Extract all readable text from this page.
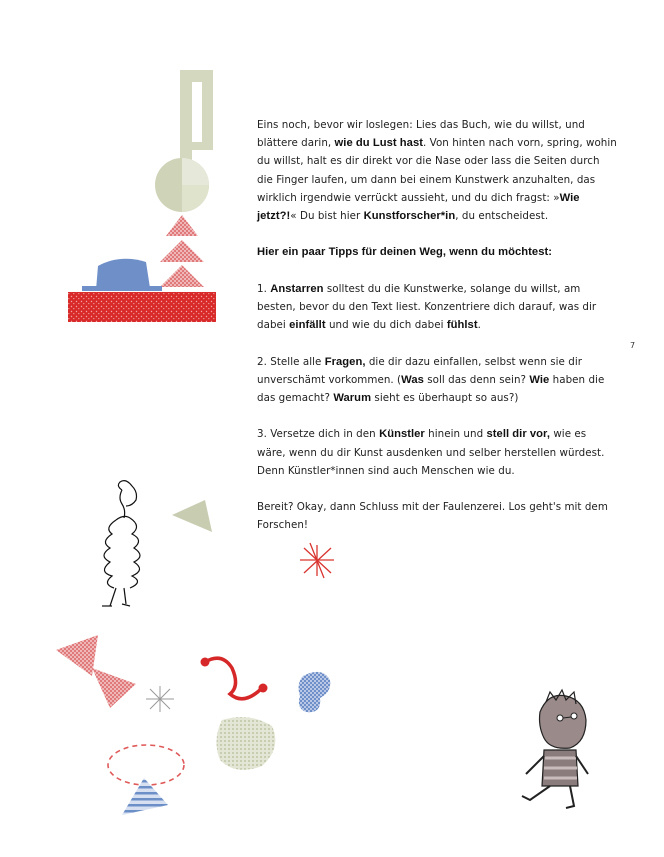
Eins noch, bevor wir loslegen: Lies das Buch, wie du willst, und blättere darin, wie du Lust hast. Von hinten nach vorn, spring, wohin du willst, halt es dir direkt vor die Nase oder lass die Seiten durch die Finger laufen, um dann bei einem Kunstwerk anzuhalten, das wirklich irgendwie verrückt aussieht, und du dich fragst: »Wie jetzt?!« Du bist hier Kunstforscher*in, du entscheidest.

Hier ein paar Tipps für deinen Weg, wenn du möchtest:

1. Anstarren solltest du die Kunstwerke, solange du willst, am besten, bevor du den Text liest. Konzentriere dich darauf, was dir dabei einfällt und wie du dich dabei fühlst.

2. Stelle alle Fragen, die dir dazu einfallen, selbst wenn sie dir unverschämt vorkommen. (Was soll das denn sein? Wie haben die das gemacht? Warum sieht es überhaupt so aus?)

3. Versetze dich in den Künstler hinein und stell dir vor, wie es wäre, wenn du dir Kunst ausdenken und selber herstellen würdest. Denn Künstler*innen sind auch Menschen wie du.

Bereit? Okay, dann Schluss mit der Faulenzerei. Los geht's mit dem Forschen!

7
